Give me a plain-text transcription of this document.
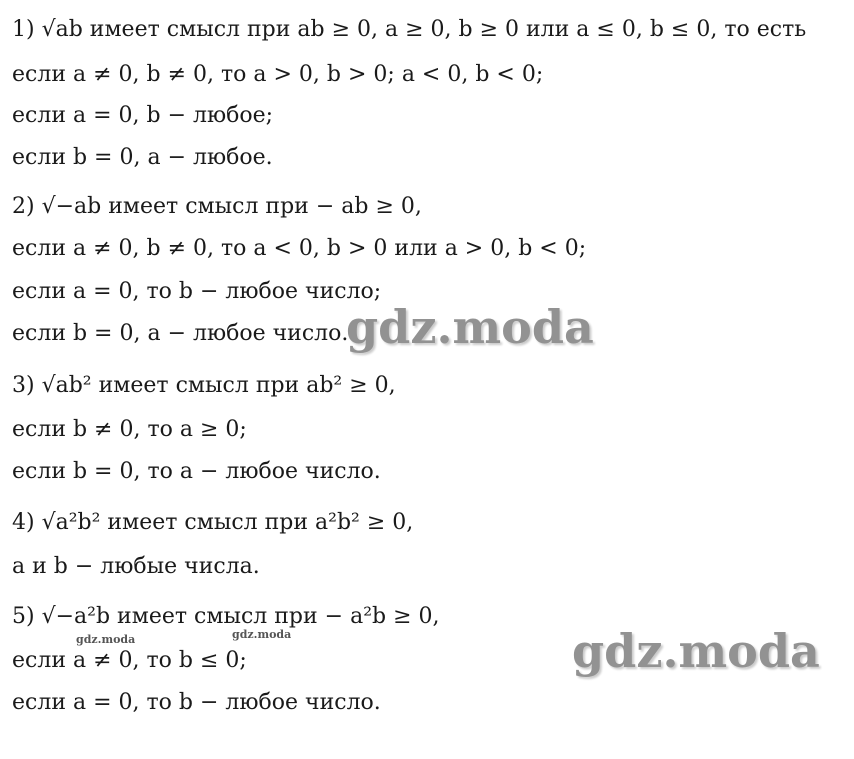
1) √ab имеет смысл при ab ≥ 0, a ≥ 0, b ≥ 0 или a ≤ 0, b ≤ 0, то есть
если a ≠ 0, b ≠ 0, то a > 0, b > 0; a < 0, b < 0;
если a = 0, b − любое;
если b = 0, a − любое.
2) √−ab имеет смысл при − ab ≥ 0,
если a ≠ 0, b ≠ 0, то a < 0, b > 0 или a > 0, b < 0;
если a = 0, то b − любое число;
если b = 0, a − любое число.
3) √ab² имеет смысл при ab² ≥ 0,
если b ≠ 0, то a ≥ 0;
если b = 0, то a − любое число.
4) √a²b² имеет смысл при a²b² ≥ 0,
a и b − любые числа.
5) √−a²b имеет смысл при − a²b ≥ 0,
если a ≠ 0, то b ≤ 0;
если a = 0, то b − любое число.
gdz.moda
gdz.moda
gdz.moda	gdz.moda
